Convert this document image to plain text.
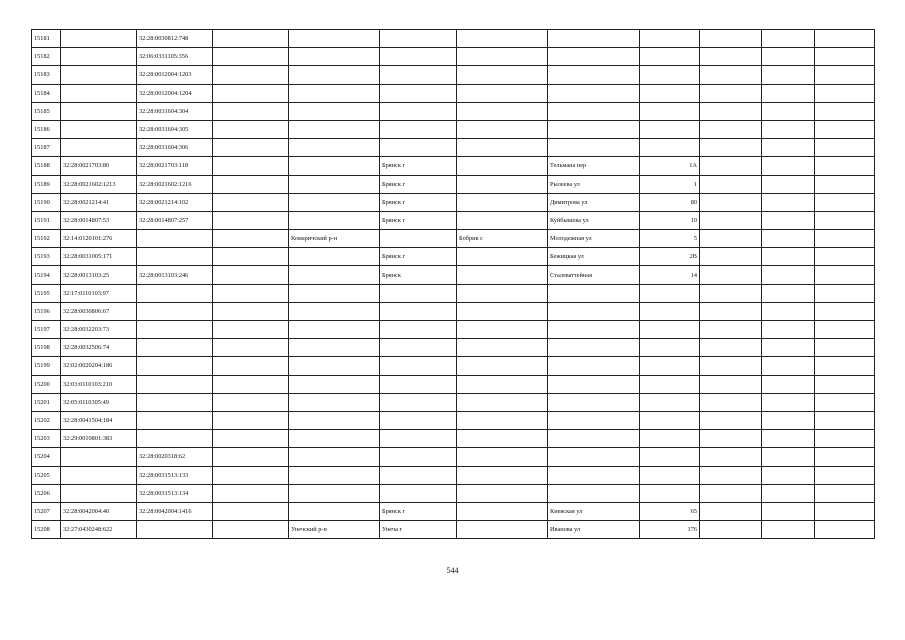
15181		32:28:0030812:748									
15182		32:06:0331105:356									
15183		32:28:0012004:1203									
15184		32:28:0012004:1204									
15185		32:28:0031604:304									
15186		32:28:0031604:305									
15187		32:28:0031604:306									
15188	32:28:0021703:80	32:28:0021703:118			Брянск г		Тельмана пер	1А			
15189	32:28:0021602:1213	32:28:0021602:1216			Брянск г		Рылеева ул	1			
15190	32:28:0021214:41	32:28:0021214:102			Брянск г		Димитрова ул	80			
15191	32:28:0014807:53	32:28:0014807:257			Брянск г		Куйбышева ул	10			
15192	32:14:0120101:276			Комаричский р-н		Бобрик с	Молодежная ул	5			
15193	32:28:0031005:171				Брянск г		Бежицкая ул	2В			
15194	32:28:0013103:25	32:28:0013103:246			Брянск		Сталеваттейная	14			
15195	32:17:0110103:97										
15196	32:28:0030806:67										
15197	32:28:0032203:73										
15198	32:28:0032506:74										
15199	32:02:0020204:186										
15200	32:03:0110103:210										
15201	32:05:0110305:49										
15202	32:28:0041504:184										
15203	32:29:0010801:383										
15204		32:28:0020318:62									
15205		32:28:0031513:133									
15206		32:28:0031513:134									
15207	32:28:0042004:40	32:28:0042004:1416			Брянск г		Киевская ул	65			
15208	32:27:0430248:622			Унечский р-н	Унеча г		Иванова ул	176			
544
